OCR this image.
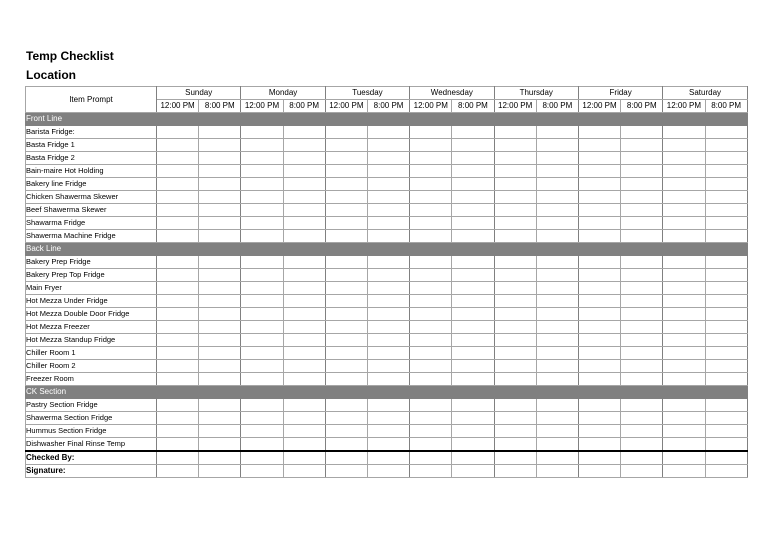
Temp Checklist
Location
Item Prompt	Sunday		Monday		Tuesday		Wednesday		Thursday		Friday		Saturday	
	12:00 PM	8:00 PM	12:00 PM	8:00 PM	12:00 PM	8:00 PM	12:00 PM	8:00 PM	12:00 PM	8:00 PM	12:00 PM	8:00 PM	12:00 PM	8:00 PM
Front Line														
Barista Fridge:														
Basta Fridge 1														
Basta Fridge 2														
Bain-maire Hot Holding														
Bakery line Fridge														
Chicken Shawerma Skewer														
Beef Shawerma Skewer														
Shawarma Fridge														
Shawerma Machine Fridge														
Back Line														
Bakery Prep Fridge														
Bakery Prep Top Fridge														
Main Fryer														
Hot Mezza Under Fridge														
Hot Mezza Double Door Fridge														
Hot Mezza Freezer														
Hot Mezza Standup Fridge														
Chiller Room 1														
Chiller Room 2														
Freezer Room														
CK Section														
Pastry Section Fridge														
Shawerma Section Fridge														
Hummus Section Fridge														
Dishwasher Final Rinse Temp														
Checked By:														
Signature:														
